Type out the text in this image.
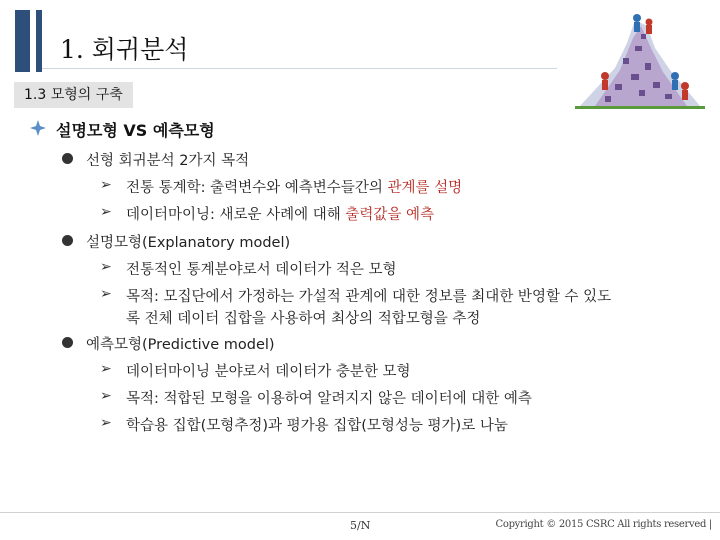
1. 회귀분석
1.3 모형의 구축
설명모형 VS 예측모형
선형 회귀분석 2가지 목적
➢ 전통 통계학: 출력변수와 예측변수들간의 관계를 설명
➢ 데이터마이닝: 새로운 사례에 대해 출력값을 예측
설명모형(Explanatory model)
➢ 전통적인 통계분야로서 데이터가 적은 모형
➢ 목적: 모집단에서 가정하는 가설적 관계에 대한 정보를 최대한 반영할 수 있도
록 전체 데이터 집합을 사용하여 최상의 적합모형을 추정
예측모형(Predictive model)
➢ 데이터마이닝 분야로서 데이터가 충분한 모형
➢ 목적: 적합된 모형을 이용하여 알려지지 않은 데이터에 대한 예측
➢ 학습용 집합(모형추정)과 평가용 집합(모형성능 평가)로 나눔
5/N	Copyright © 2015 CSRC All rights reserved |
